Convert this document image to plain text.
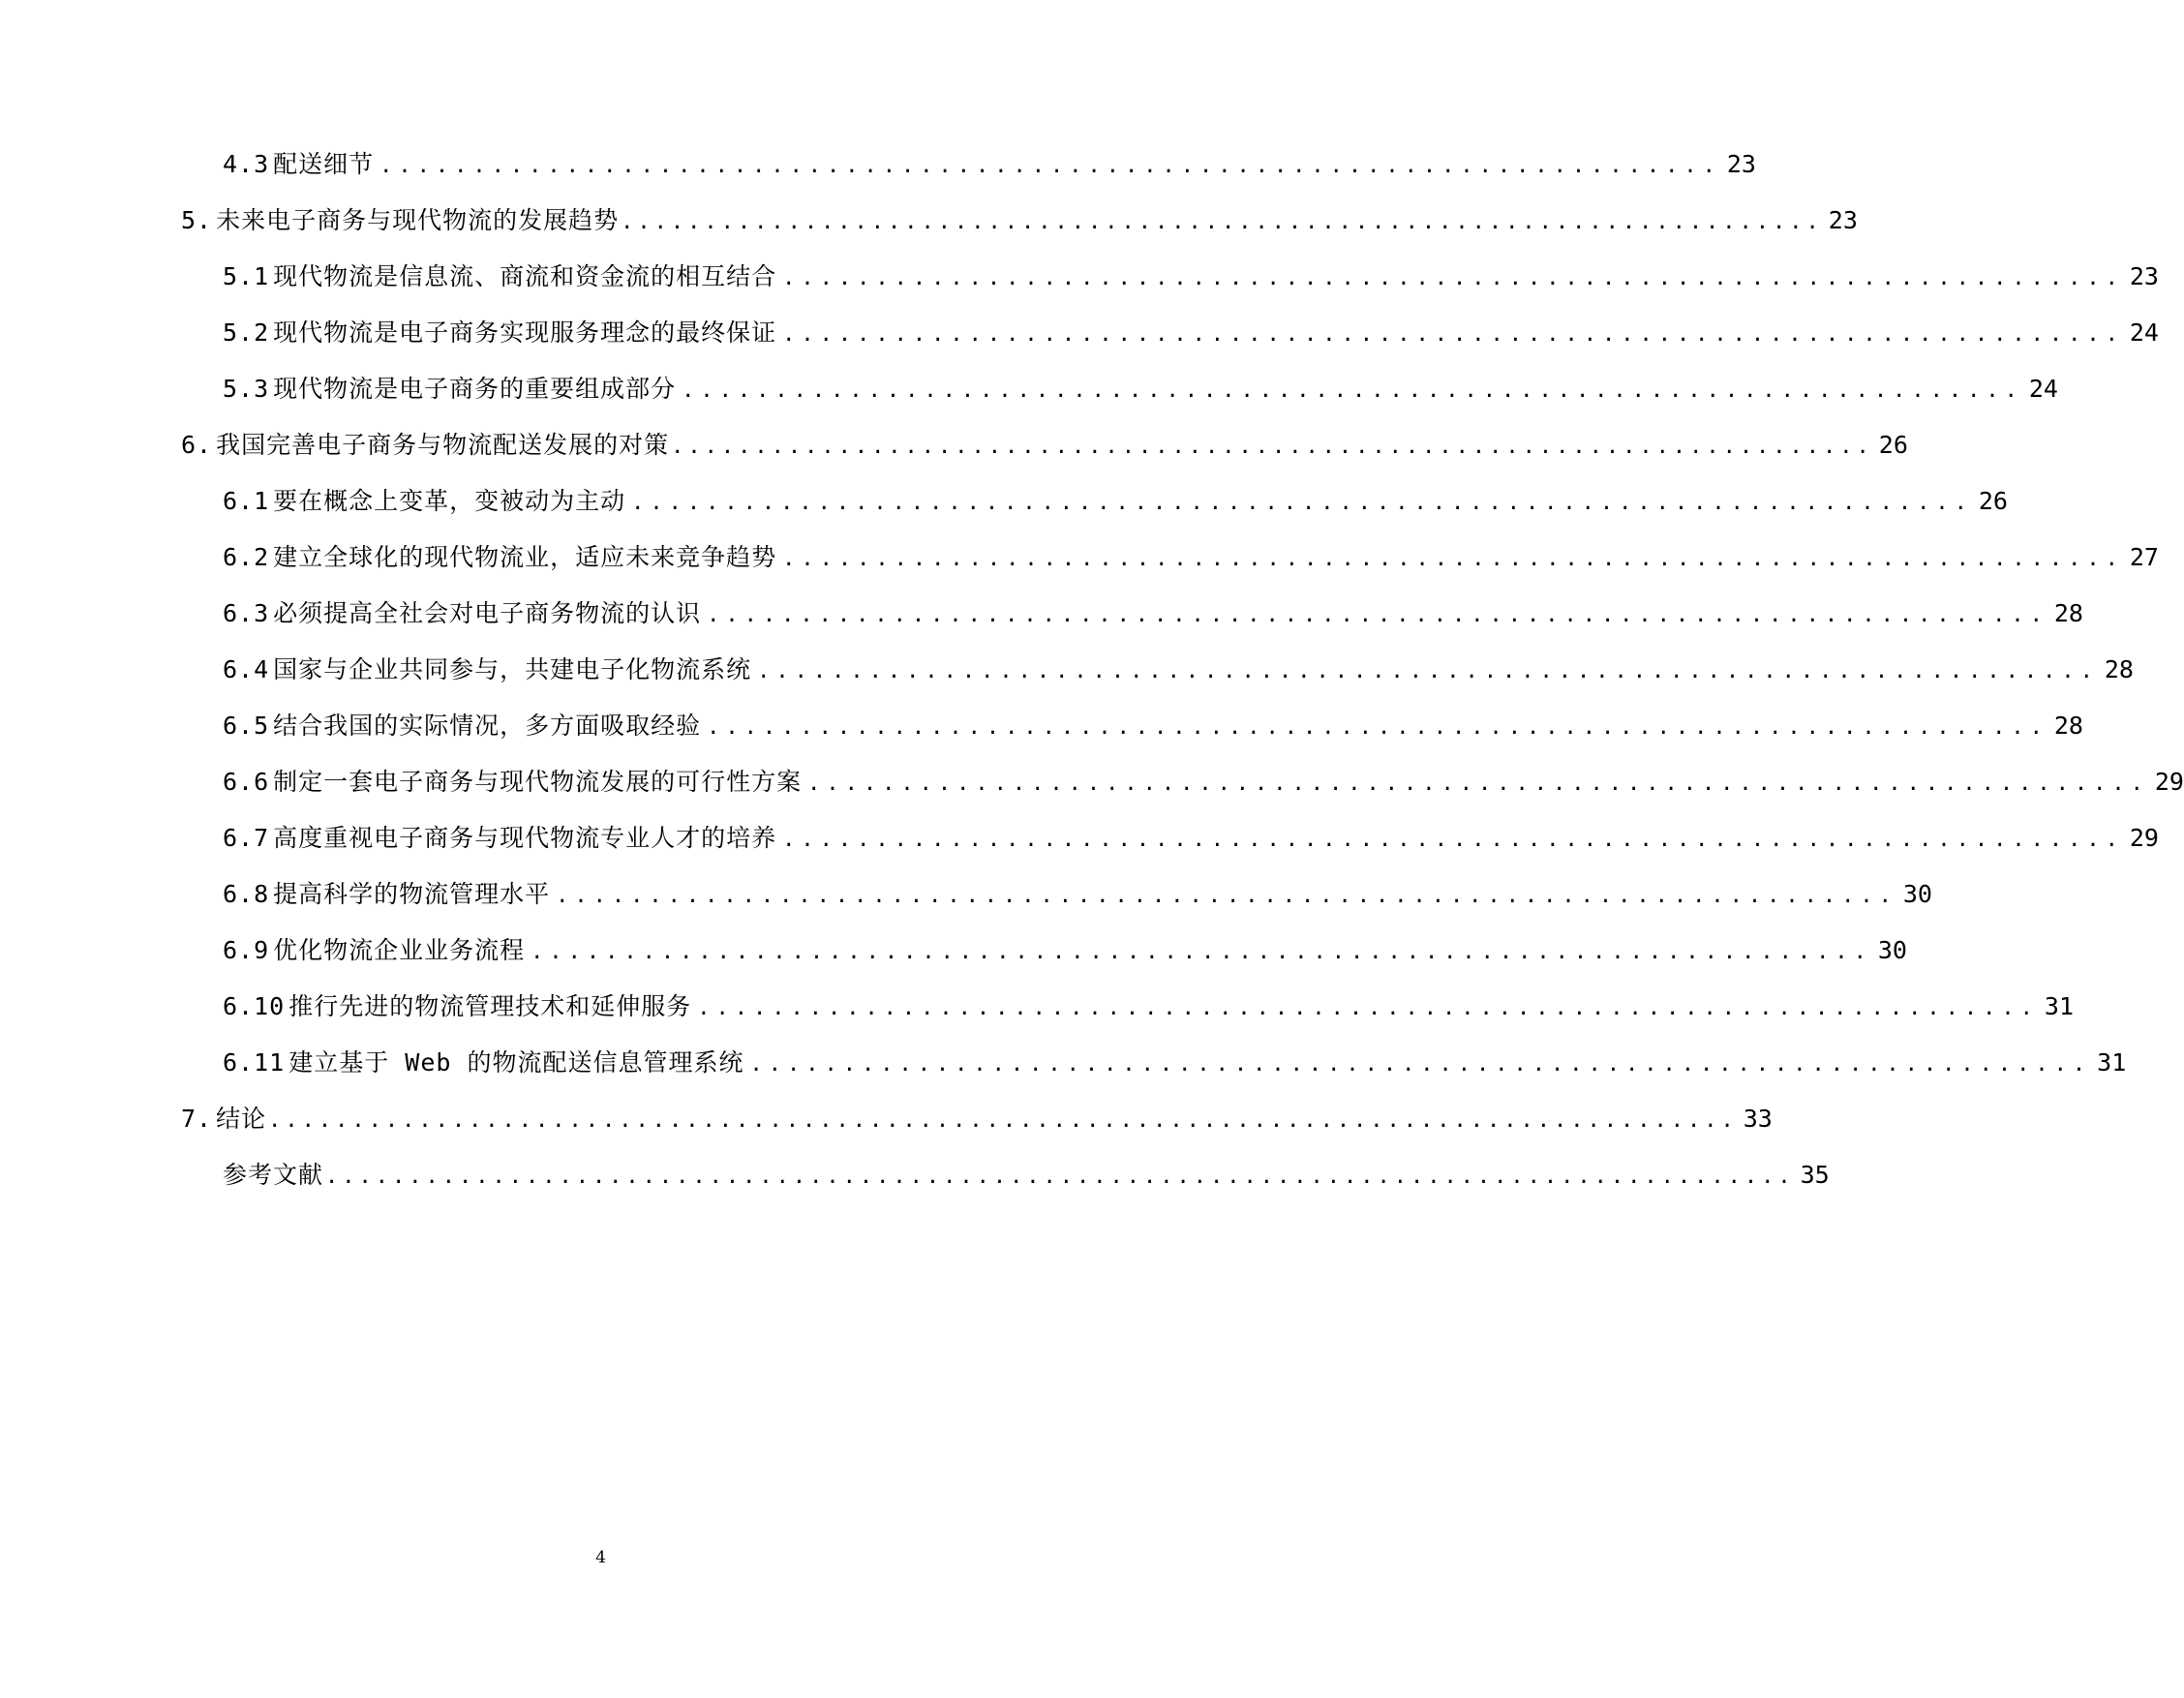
4.3 配送细节 ........................................................................ 23
5. 未来电子商务与现代物流的发展趋势 ........................................................................ 23
5.1 现代物流是信息流、商流和资金流的相互结合 ........................................................................ 23
5.2 现代物流是电子商务实现服务理念的最终保证 ........................................................................ 24
5.3 现代物流是电子商务的重要组成部分 ........................................................................ 24
6. 我国完善电子商务与物流配送发展的对策 ........................................................................ 26
6.1 要在概念上变革，变被动为主动 ........................................................................ 26
6.2 建立全球化的现代物流业，适应未来竞争趋势 ........................................................................ 27
6.3 必须提高全社会对电子商务物流的认识 ........................................................................ 28
6.4 国家与企业共同参与，共建电子化物流系统 ........................................................................ 28
6.5 结合我国的实际情况，多方面吸取经验 ........................................................................ 28
6.6 制定一套电子商务与现代物流发展的可行性方案 ........................................................................ 29
6.7 高度重视电子商务与现代物流专业人才的培养 ........................................................................ 29
6.8 提高科学的物流管理水平 ........................................................................ 30
6.9 优化物流企业业务流程 ........................................................................ 30
6.10 推行先进的物流管理技术和延伸服务 ........................................................................ 31
6.11 建立基于 Web 的物流配送信息管理系统 ........................................................................ 31
7. 结论 ........................................................................................ 33
参考文献 ........................................................................................ 35
4
